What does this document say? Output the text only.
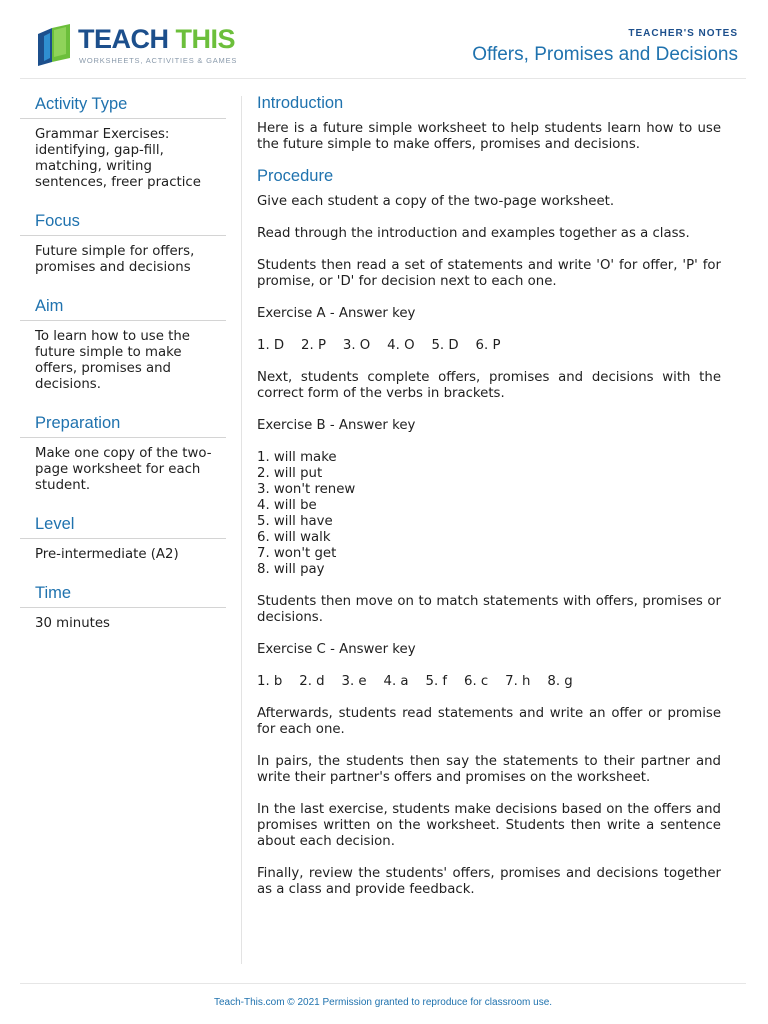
TEACH THIS
WORKSHEETS, ACTIVITIES & GAMES
TEACHER'S NOTES
Offers, Promises and Decisions
Activity Type
Grammar Exercises: identifying, gap-fill, matching, writing sentences, freer practice
Focus
Future simple for offers, promises and decisions
Aim
To learn how to use the future simple to make offers, promises and decisions.
Preparation
Make one copy of the two-page worksheet for each student.
Level
Pre-intermediate (A2)
Time
30 minutes
Introduction

Here is a future simple worksheet to help students learn how to use the future simple to make offers, promises and decisions.

Procedure

Give each student a copy of the two-page worksheet.

Read through the introduction and examples together as a class.

Students then read a set of statements and write 'O' for offer, 'P' for promise, or 'D' for decision next to each one.

Exercise A - Answer key

1. D    2. P    3. O    4. O    5. D    6. P

Next, students complete offers, promises and decisions with the correct form of the verbs in brackets.

Exercise B - Answer key

1. will make
2. will put
3. won't renew
4. will be
5. will have
6. will walk
7. won't get
8. will pay

Students then move on to match statements with offers, promises or decisions.

Exercise C - Answer key

1. b    2. d    3. e    4. a    5. f    6. c    7. h    8. g

Afterwards, students read statements and write an offer or promise for each one.

In pairs, the students then say the statements to their partner and write their partner's offers and promises on the worksheet.

In the last exercise, students make decisions based on the offers and promises written on the worksheet. Students then write a sentence about each decision.

Finally, review the students' offers, promises and decisions together as a class and provide feedback.

Teach-This.com © 2021 Permission granted to reproduce for classroom use.
